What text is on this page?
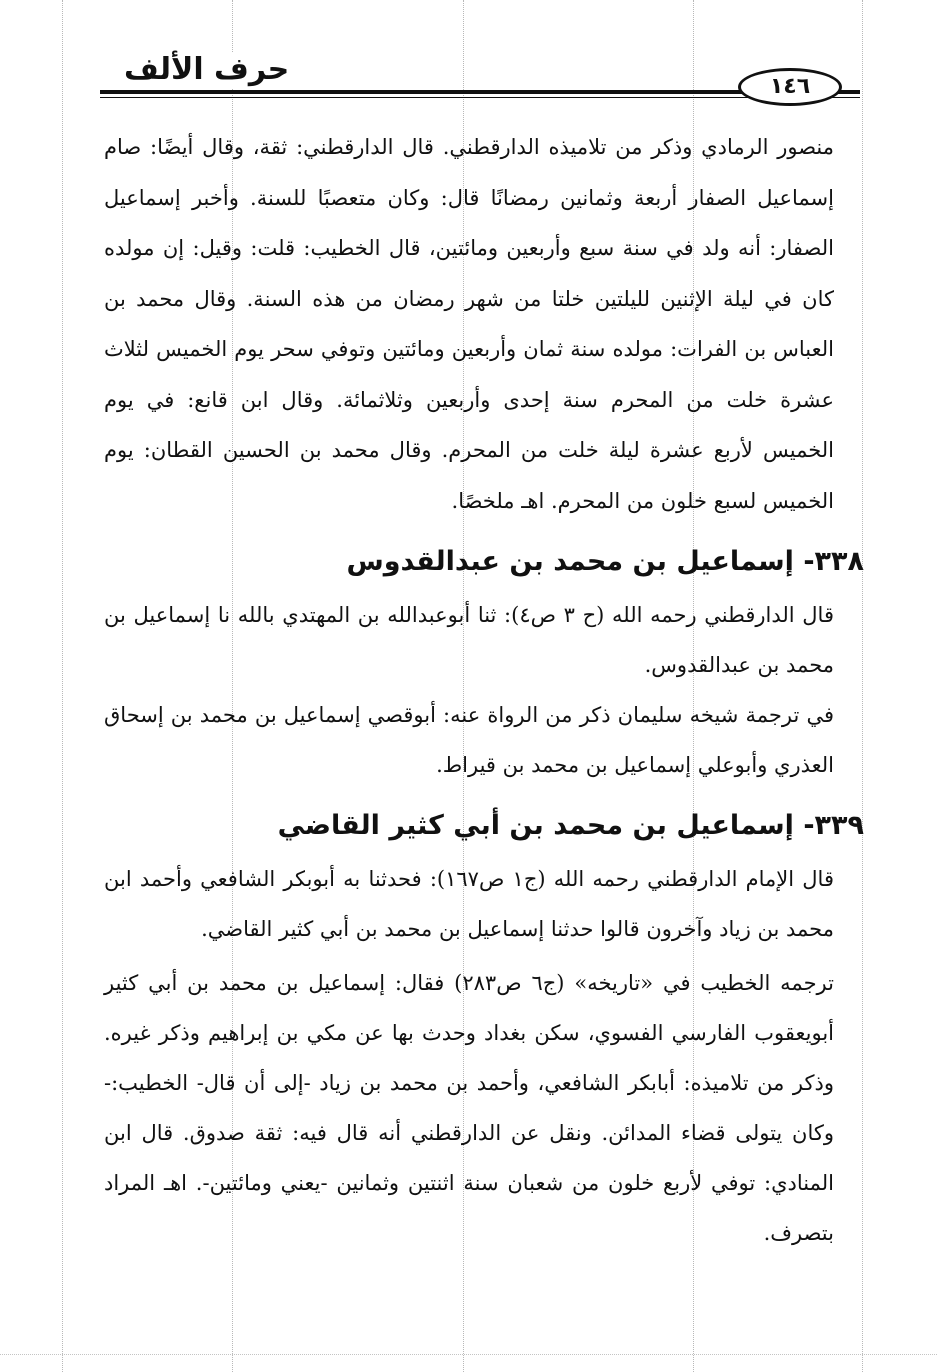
حرف الألف	١٤٦

منصور الرمادي وذكر من تلاميذه الدارقطني. قال الدارقطني: ثقة، وقال أيضًا: صام إسماعيل الصفار أربعة وثمانين رمضانًا قال: وكان متعصبًا للسنة. وأخبر إسماعيل الصفار: أنه ولد في سنة سبع وأربعين ومائتين، قال الخطيب: قلت: وقيل: إن مولده كان في ليلة الإثنين لليلتين خلتا من شهر رمضان من هذه السنة. وقال محمد بن العباس بن الفرات: مولده سنة ثمان وأربعين ومائتين وتوفي سحر يوم الخميس لثلاث عشرة خلت من المحرم سنة إحدى وأربعين وثلاثمائة. وقال ابن قانع: في يوم الخميس لأربع عشرة ليلة خلت من المحرم. وقال محمد بن الحسين القطان: يوم الخميس لسبع خلون من المحرم. اهـ ملخصًا.

٣٣٨- إسماعيل بن محمد بن عبدالقدوس

قال الدارقطني رحمه الله (ح ٣ ص٤): ثنا أبوعبدالله بن المهتدي بالله نا إسماعيل بن محمد بن عبدالقدوس.

في ترجمة شيخه سليمان ذكر من الرواة عنه: أبوقصي إسماعيل بن محمد بن إسحاق العذري وأبوعلي إسماعيل بن محمد بن قيراط.

٣٣٩- إسماعيل بن محمد بن أبي كثير القاضي

قال الإمام الدارقطني رحمه الله (ج١ ص١٦٧): فحدثنا به أبوبكر الشافعي وأحمد ابن محمد بن زياد وآخرون قالوا حدثنا إسماعيل بن محمد بن أبي كثير القاضي.

ترجمه الخطيب في «تاريخه» (ج٦ ص٢٨٣) فقال: إسماعيل بن محمد بن أبي كثير أبويعقوب الفارسي الفسوي، سكن بغداد وحدث بها عن مكي بن إبراهيم وذكر غيره. وذكر من تلاميذه: أبابكر الشافعي، وأحمد بن محمد بن زياد -إلى أن قال- الخطيب:- وكان يتولى قضاء المدائن. ونقل عن الدارقطني أنه قال فيه: ثقة صدوق. قال ابن المنادي: توفي لأربع خلون من شعبان سنة اثنتين وثمانين -يعني ومائتين-. اهـ المراد بتصرف.
